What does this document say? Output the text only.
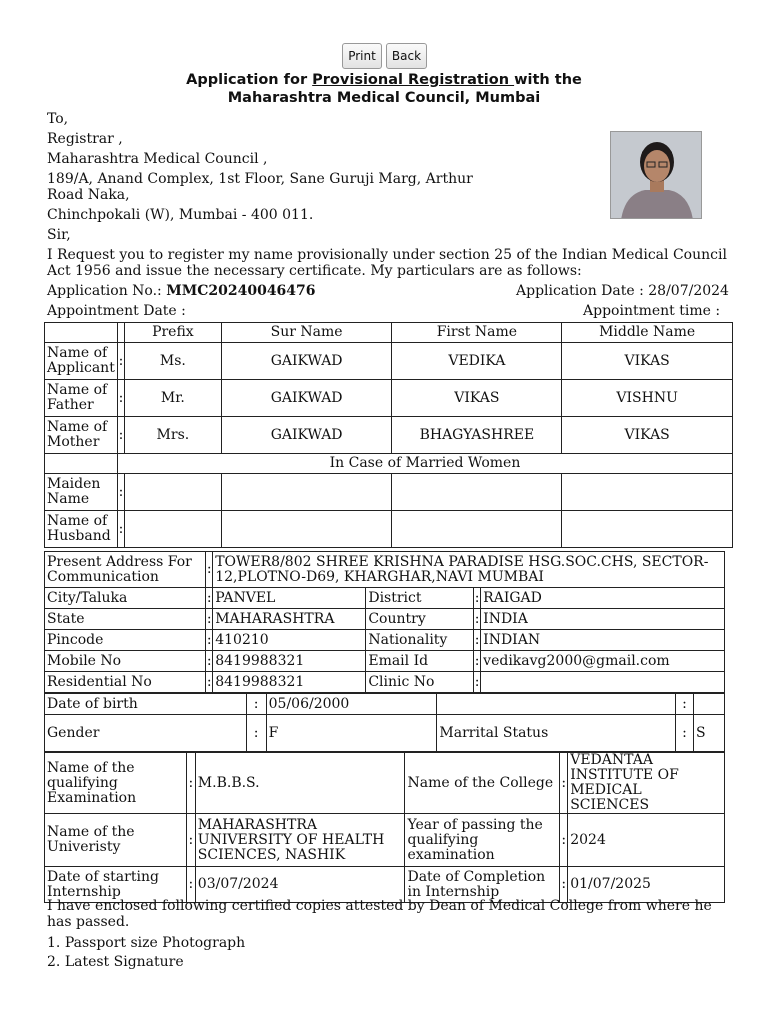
Print	Back
Application for Provisional Registration with the
Maharashtra Medical Council, Mumbai
To,
Registrar ,
Maharashtra Medical Council ,
189/A, Anand Complex, 1st Floor, Sane Guruji Marg, Arthur
Road Naka,
Chinchpokali (W), Mumbai - 400 011.
Sir,
I Request you to register my name provisionally under section 25 of the Indian Medical Council
Act 1956 and issue the necessary certificate. My particulars are as follows:
Application No.: MMC20240046476	Application Date : 28/07/2024
Appointment Date :	Appointment time :
		Prefix	Sur Name	First Name	Middle Name
Name of
Applicant	:	Ms.	GAIKWAD	VEDIKA	VIKAS
Name of
Father	:	Mr.	GAIKWAD	VIKAS	VISHNU
Name of
Mother	:	Mrs.	GAIKWAD	BHAGYASHREE	VIKAS
	In Case of Married Women				
Maiden
Name	:				
Name of
Husband	:				
Present Address For
Communication	:	TOWER8/802 SHREE KRISHNA PARADISE HSG.SOC.CHS, SECTOR-12,PLOTNO-D69, KHARGHAR,NAVI MUMBAI			
City/Taluka	:	PANVEL	District	:	RAIGAD
State	:	MAHARASHTRA	Country	:	INDIA
Pincode	:	410210	Nationality	:	INDIAN
Mobile No	:	8419988321	Email Id	:	vedikavg2000@gmail.com
Residential No	:	8419988321	Clinic No	:	
Date of birth	:	05/06/2000		:	
Gender	:	F	Marrital Status	:	S
Name of the qualifying Examination	:	M.B.B.S.	Name of the College	:	VEDANTAA INSTITUTE OF MEDICAL SCIENCES
Name of the Univeristy	:	MAHARASHTRA UNIVERSITY OF HEALTH SCIENCES, NASHIK	Year of passing the qualifying examination	:	2024
Date of starting Internship	:	03/07/2024	Date of Completion in Internship	:	01/07/2025
I have enclosed following certified copies attested by Dean of Medical College from where he has passed.
1. Passport size Photograph
2. Latest Signature
